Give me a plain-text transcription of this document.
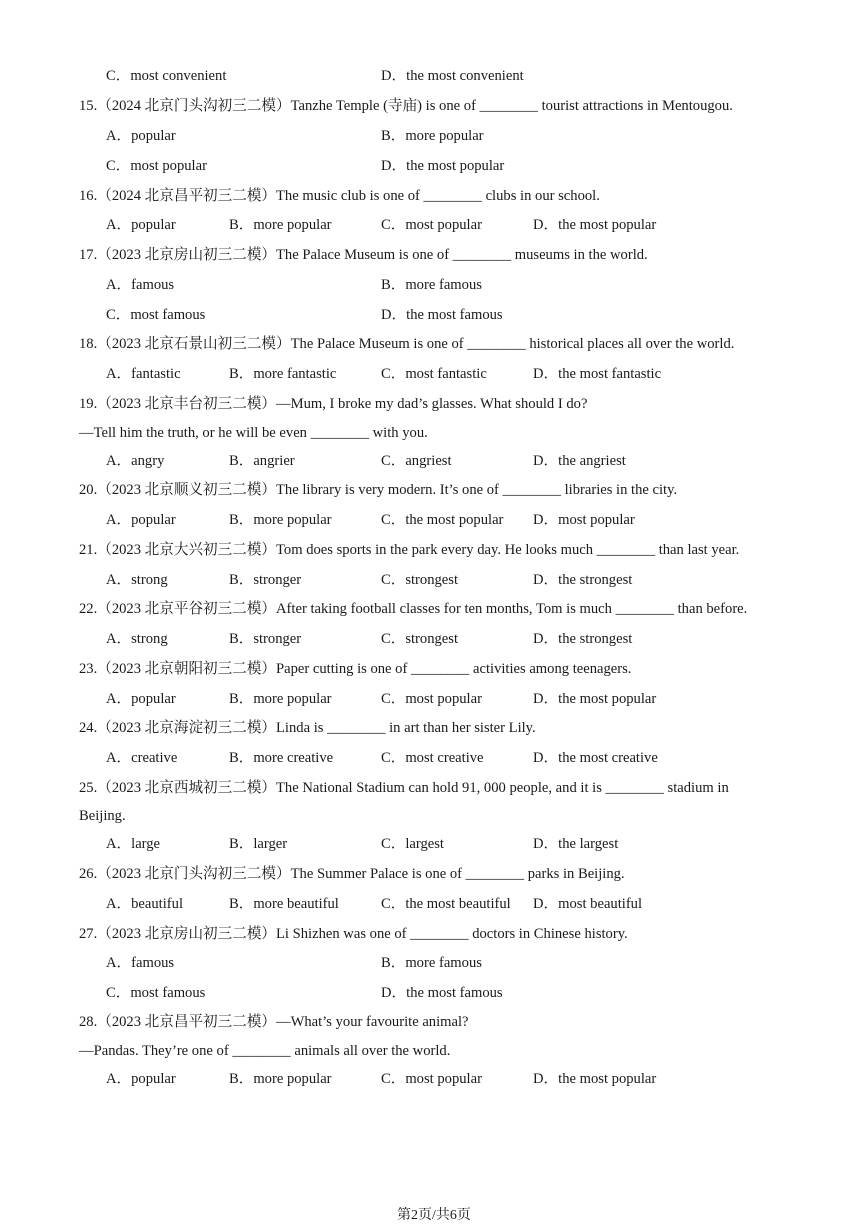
C．most convenient	D．the most convenient
15.（2024 北京门头沟初三二模）Tanzhe Temple (寺庙) is one of ________ tourist attractions in Mentougou.
A．popular	B．more popular
C．most popular	D．the most popular
16.（2024 北京昌平初三二模）The music club is one of ________ clubs in our school.
A．popular	B．more popular	C．most popular	D．the most popular
17.（2023 北京房山初三二模）The Palace Museum is one of ________ museums in the world.
A．famous	B．more famous
C．most famous	D．the most famous
18.（2023 北京石景山初三二模）The Palace Museum is one of ________ historical places all over the world.
A．fantastic	B．more fantastic	C．most fantastic	D．the most fantastic
19.（2023 北京丰台初三二模）—Mum, I broke my dad’s glasses. What should I do?
—Tell him the truth, or he will be even ________ with you.
A．angry	B．angrier	C．angriest	D．the angriest
20.（2023 北京顺义初三二模）The library is very modern. It’s one of ________ libraries in the city.
A．popular	B．more popular	C．the most popular D．most popular
21.（2023 北京大兴初三二模）Tom does sports in the park every day. He looks much ________ than last year.
A．strong	B．stronger	C．strongest	D．the strongest
22.（2023 北京平谷初三二模）After taking football classes for ten months, Tom is much ________ than before.
A．strong	B．stronger	C．strongest	D．the strongest
23.（2023 北京朝阳初三二模）Paper cutting is one of ________ activities among teenagers.
A．popular	B．more popular	C．most popular	D．the most popular
24.（2023 北京海淀初三二模）Linda is ________ in art than her sister Lily.
A．creative	B．more creative	C．most creative	D．the most creative
25.（2023 北京西城初三二模）The National Stadium can hold 91, 000 people, and it is ________ stadium in
Beijing.
A．large	B．larger	C．largest	D．the largest
26.（2023 北京门头沟初三二模）The Summer Palace is one of ________ parks in Beijing.
A．beautiful	B．more beautiful	C．the most beautiful D．most beautiful
27.（2023 北京房山初三二模）Li Shizhen was one of ________ doctors in Chinese history.
A．famous	B．more famous
C．most famous	D．the most famous
28.（2023 北京昌平初三二模）—What’s your favourite animal?
—Pandas. They’re one of ________ animals all over the world.
A．popular	B．more popular	C．most popular	D．the most popular
第2页/共6页
